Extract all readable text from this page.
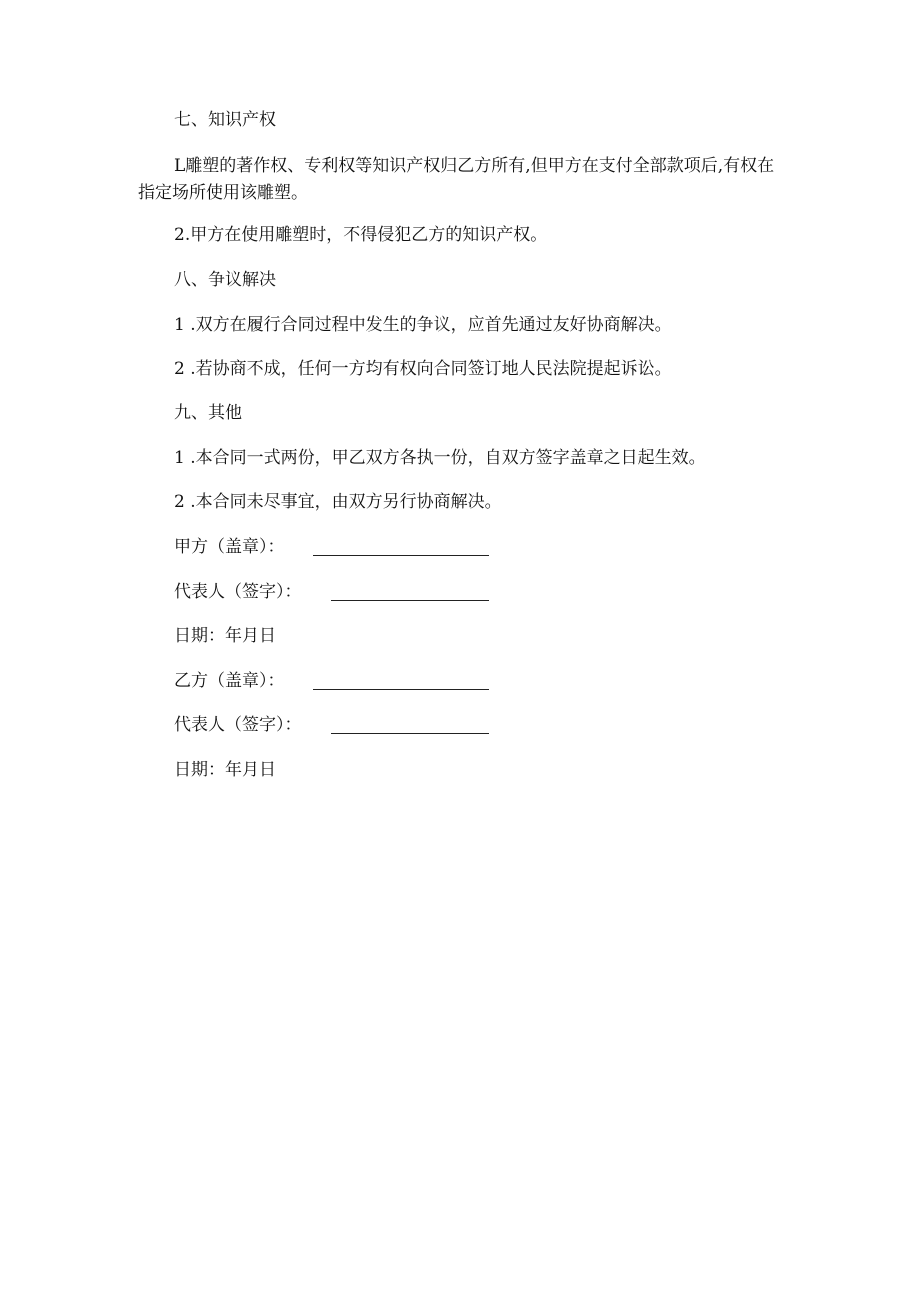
七、知识产权
L雕塑的著作权、专利权等知识产权归乙方所有,但甲方在支付全部款项后,有权在指定场所使用该雕塑。
2.甲方在使用雕塑时，不得侵犯乙方的知识产权。
八、争议解决
1 .双方在履行合同过程中发生的争议，应首先通过友好协商解决。
2 .若协商不成，任何一方均有权向合同签订地人民法院提起诉讼。
九、其他
1 .本合同一式两份，甲乙双方各执一份，自双方签字盖章之日起生效。
2 .本合同未尽事宜，由双方另行协商解决。
甲方（盖章）：
代表人（签字）：
日期：年月日
乙方（盖章）：
代表人（签字）：
日期：年月日
